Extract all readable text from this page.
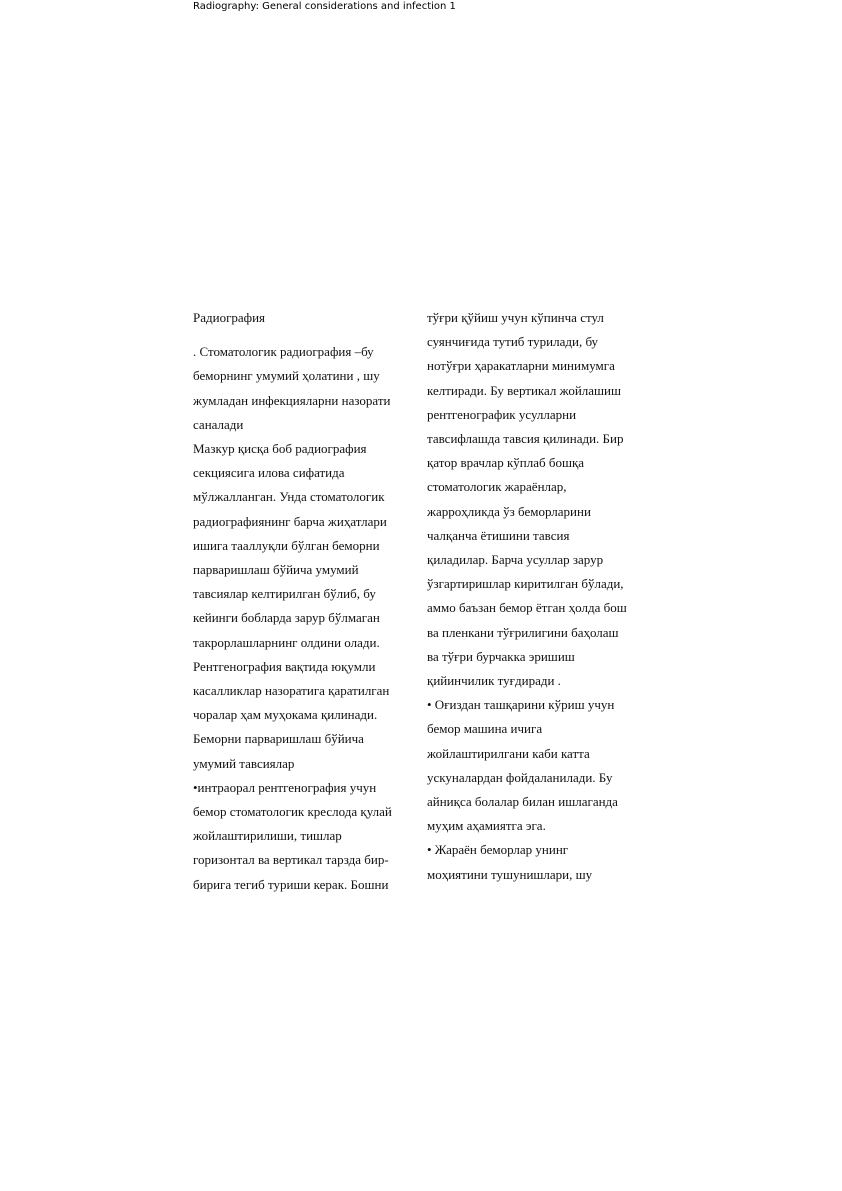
Radiography: General considerations and infection 1
Радиография
. Стоматологик радиография –бу
беморнинг умумий ҳолатини , шу
жумладан инфекцияларни назорати
саналади
Мазкур қисқа боб радиография
секциясига илова сифатида
мўлжалланган. Унда стоматологик
радиографиянинг барча жиҳатлари
ишига тааллуқли бўлган беморни
парваришлаш бўйича умумий
тавсиялар келтирилган бўлиб, бу
кейинги бобларда зарур бўлмаган
такрорлашларнинг олдини олади.
Рентгенография вақтида юқумли
касалликлар назоратига қаратилган
чоралар ҳам муҳокама қилинади.
Беморни парваришлаш бўйича
умумий тавсиялар
•интраорал рентгенография учун
бемор стоматологик креслода қулай
жойлаштирилиши, тишлар
горизонтал ва вертикал тарзда бир-
бирига тегиб туриши керак. Бошни
тўғри қўйиш учун кўпинча стул
суянчиғида тутиб турилади, бу
нотўғри ҳаракатларни минимумга
келтиради. Бу вертикал жойлашиш
рентгенографик усулларни
тавсифлашда тавсия қилинади. Бир
қатор врачлар кўплаб бошқа
стоматологик жараёнлар,
жарроҳликда ўз беморларини
чалқанча ётишини тавсия
қиладилар. Барча усуллар зарур
ўзгартиришлар киритилган бўлади,
аммо баъзан бемор ётган ҳолда бош
ва пленкани тўғрилигини баҳолаш
ва тўғри бурчакка эришиш
қийинчилик туғдиради .
• Оғиздан ташқарини кўриш учун
бемор машина ичига
жойлаштирилгани каби катта
ускуналардан фойдаланилади. Бу
айниқса болалар билан ишлаганда
муҳим аҳамиятга эга.
• Жараён беморлар унинг
моҳиятини тушунишлари, шу
